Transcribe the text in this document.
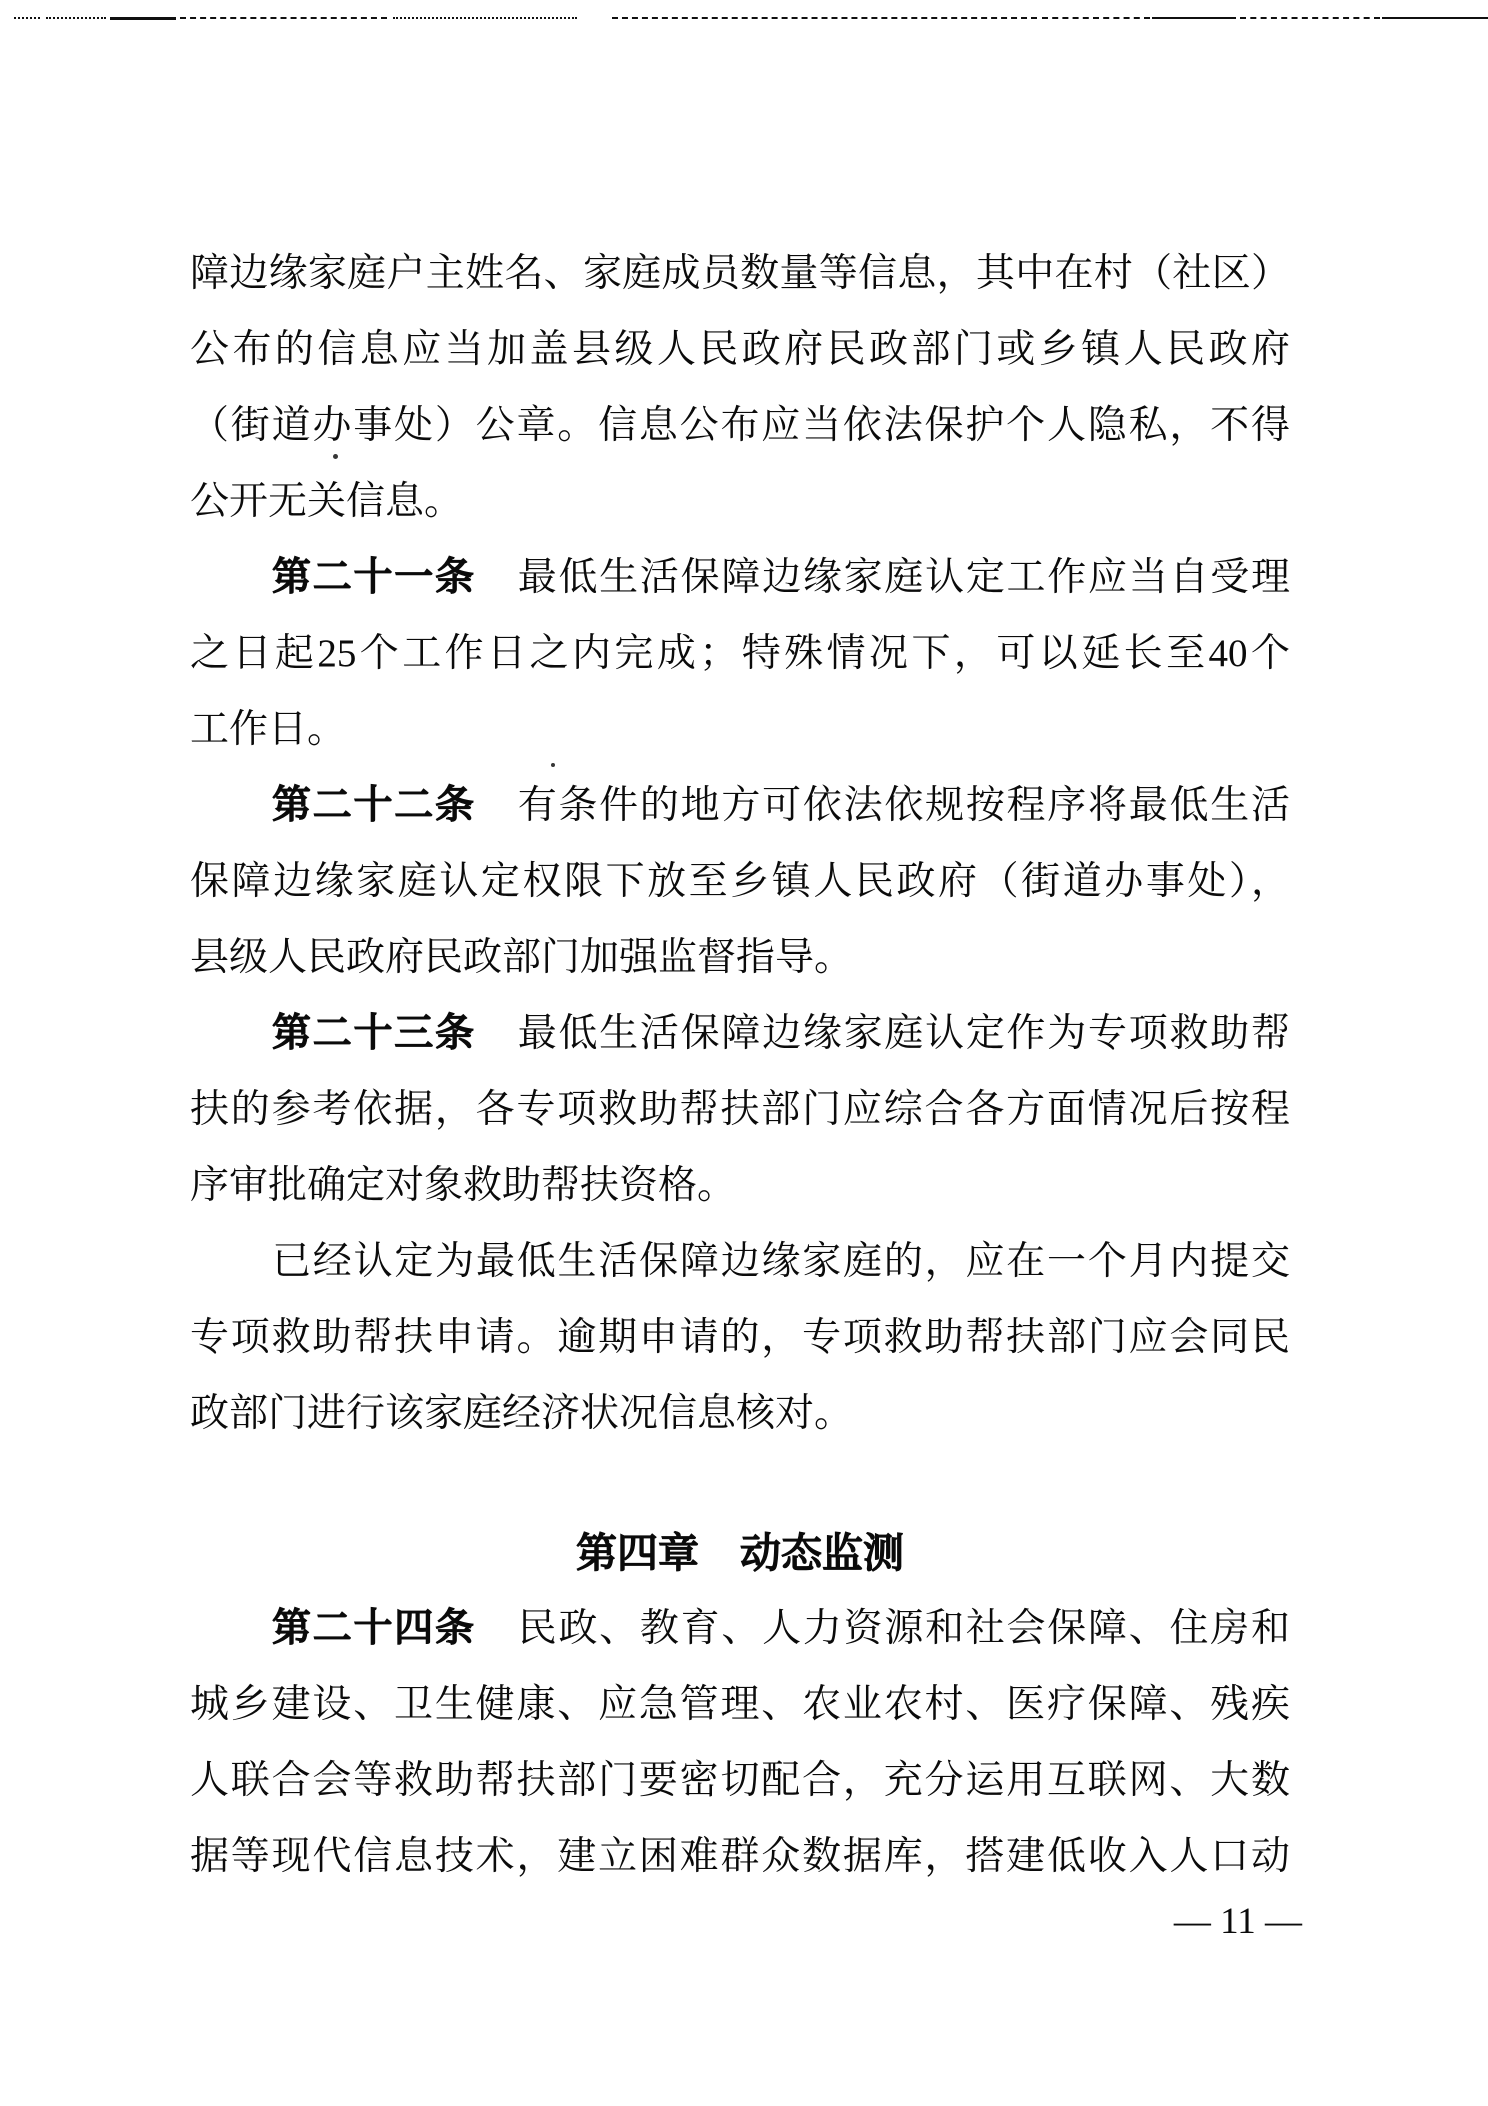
障边缘家庭户主姓名、家庭成员数量等信息，其中在村（社区）
公布的信息应当加盖县级人民政府民政部门或乡镇人民政府
（街道办事处）公章。信息公布应当依法保护个人隐私，不得
公开无关信息。
第二十一条 最低生活保障边缘家庭认定工作应当自受理
之日起25个工作日之内完成；特殊情况下，可以延长至40个
工作日。
第二十二条 有条件的地方可依法依规按程序将最低生活
保障边缘家庭认定权限下放至乡镇人民政府（街道办事处），
县级人民政府民政部门加强监督指导。
第二十三条 最低生活保障边缘家庭认定作为专项救助帮
扶的参考依据，各专项救助帮扶部门应综合各方面情况后按程
序审批确定对象救助帮扶资格。
已经认定为最低生活保障边缘家庭的，应在一个月内提交
专项救助帮扶申请。逾期申请的，专项救助帮扶部门应会同民
政部门进行该家庭经济状况信息核对。
第四章　动态监测
第二十四条 民政、教育、人力资源和社会保障、住房和
城乡建设、卫生健康、应急管理、农业农村、医疗保障、残疾
人联合会等救助帮扶部门要密切配合，充分运用互联网、大数
据等现代信息技术，建立困难群众数据库，搭建低收入人口动
— 11 —
